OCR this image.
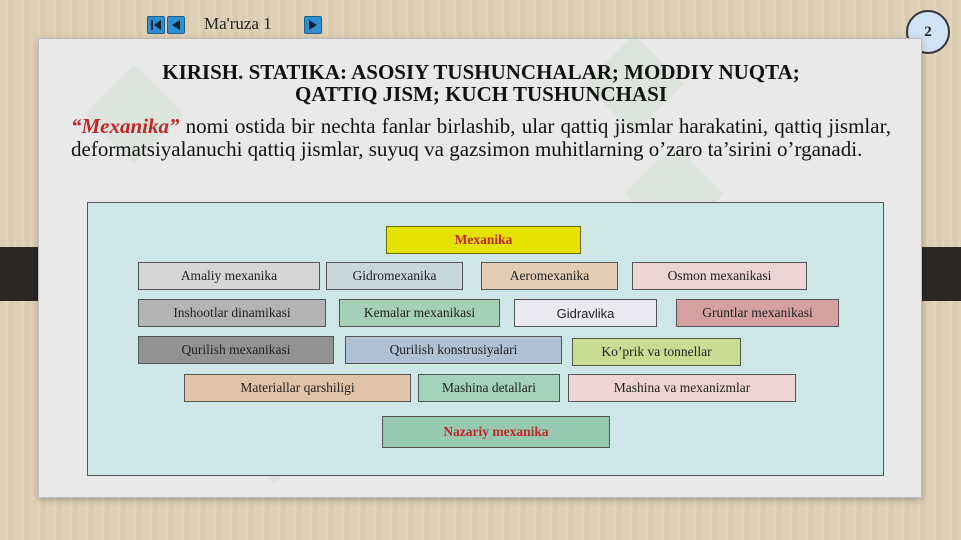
Ma'ruza 1	2
KIRISH. STATIKA: ASOSIY TUSHUNCHALAR; MODDIY NUQTA;
QATTIQ JISM; KUCH TUSHUNCHASI

“Mexanika” nomi ostida bir nechta fanlar birlashib, ular qattiq jismlar harakatini, qattiq jismlar, deformatsiyalanuchi qattiq jismlar, suyuq va gazsimon muhitlarning o’zaro ta’sirini o’rganadi.

Mexanika
Amaliy mexanika	Gidromexanika	Aeromexanika	Osmon mexanikasi
Inshootlar dinamikasi	Kemalar mexanikasi	Gidravlika	Gruntlar mexanikasi
Qurilish mexanikasi	Qurilish konstrusiyalari	Ko’prik va tonnellar
Materiallar qarshiligi	Mashina detallari	Mashina va mexanizmlar
Nazariy mexanika
